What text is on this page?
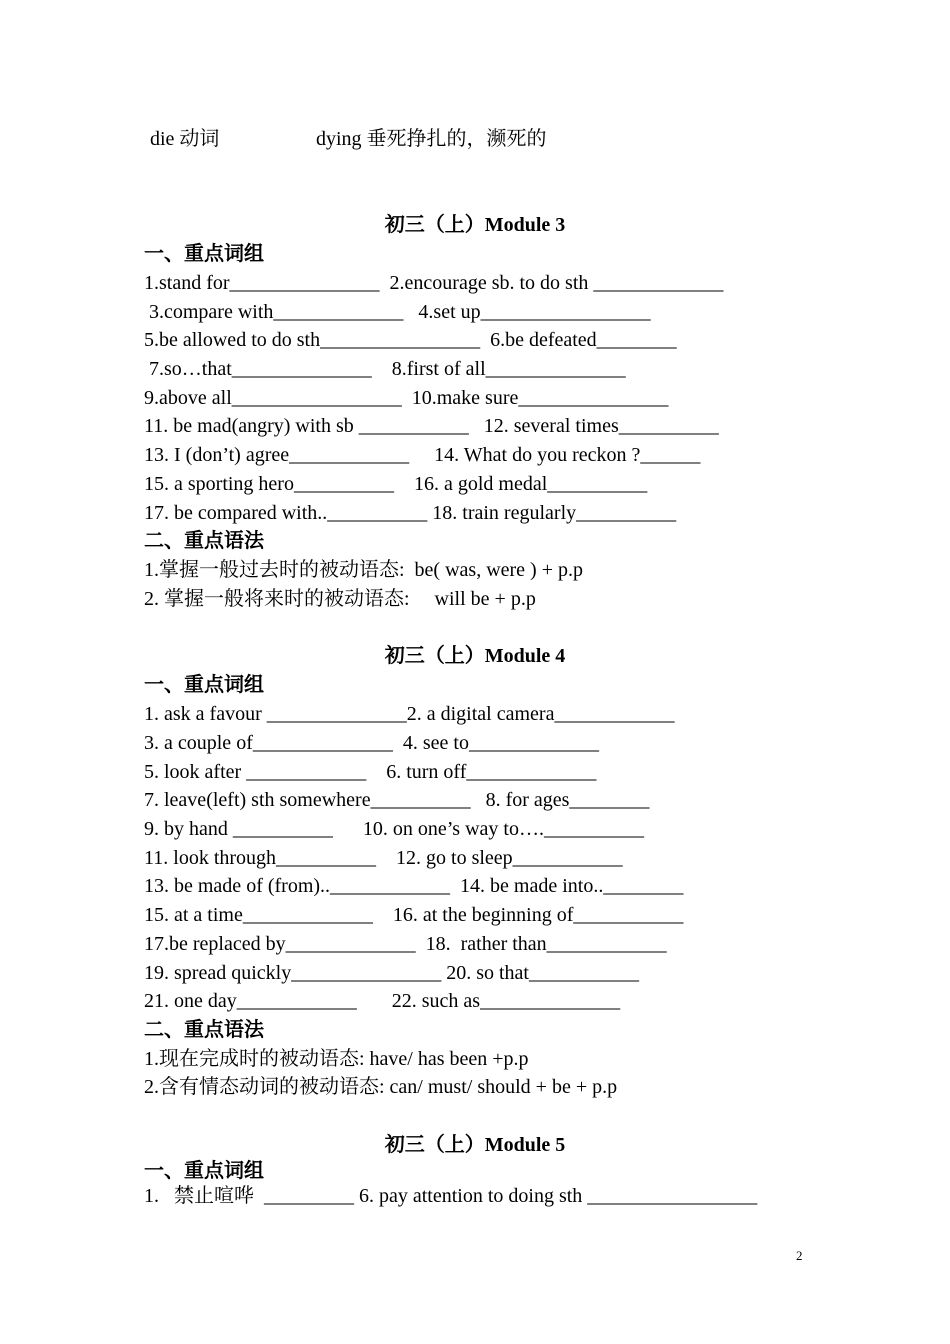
die 动词	dying 垂死挣扎的，濒死的
初三（上）Module 3
一、重点词组
1.stand for_______________  2.encourage sb. to do sth _____________
3.compare with_____________   4.set up_________________
5.be allowed to do sth________________  6.be defeated________
7.so…that______________    8.first of all______________
9.above all_________________  10.make sure_______________
11. be mad(angry) with sb ___________   12. several times__________
13. I (don’t) agree____________     14. What do you reckon ?______
15. a sporting hero__________    16. a gold medal__________
17. be compared with..__________ 18. train regularly__________
二、重点语法
1.掌握一般过去时的被动语态:  be( was, were ) + p.p
2. 掌握一般将来时的被动语态:     will be + p.p
初三（上）Module 4
一、重点词组
1. ask a favour ______________2. a digital camera____________
3. a couple of______________  4. see to_____________
5. look after ____________    6. turn off_____________
7. leave(left) sth somewhere__________   8. for ages________
9. by hand __________      10. on one’s way to….__________
11. look through__________    12. go to sleep___________
13. be made of (from)..____________  14. be made into..________
15. at a time_____________    16. at the beginning of___________
17.be replaced by_____________  18.  rather than____________
19. spread quickly_______________ 20. so that___________
21. one day____________       22. such as______________
二、重点语法
1.现在完成时的被动语态: have/ has been +p.p
2.含有情态动词的被动语态: can/ must/ should + be + p.p
初三（上）Module 5
一、重点词组
1.   禁止喧哗  _________ 6. pay attention to doing sth _________________
2
